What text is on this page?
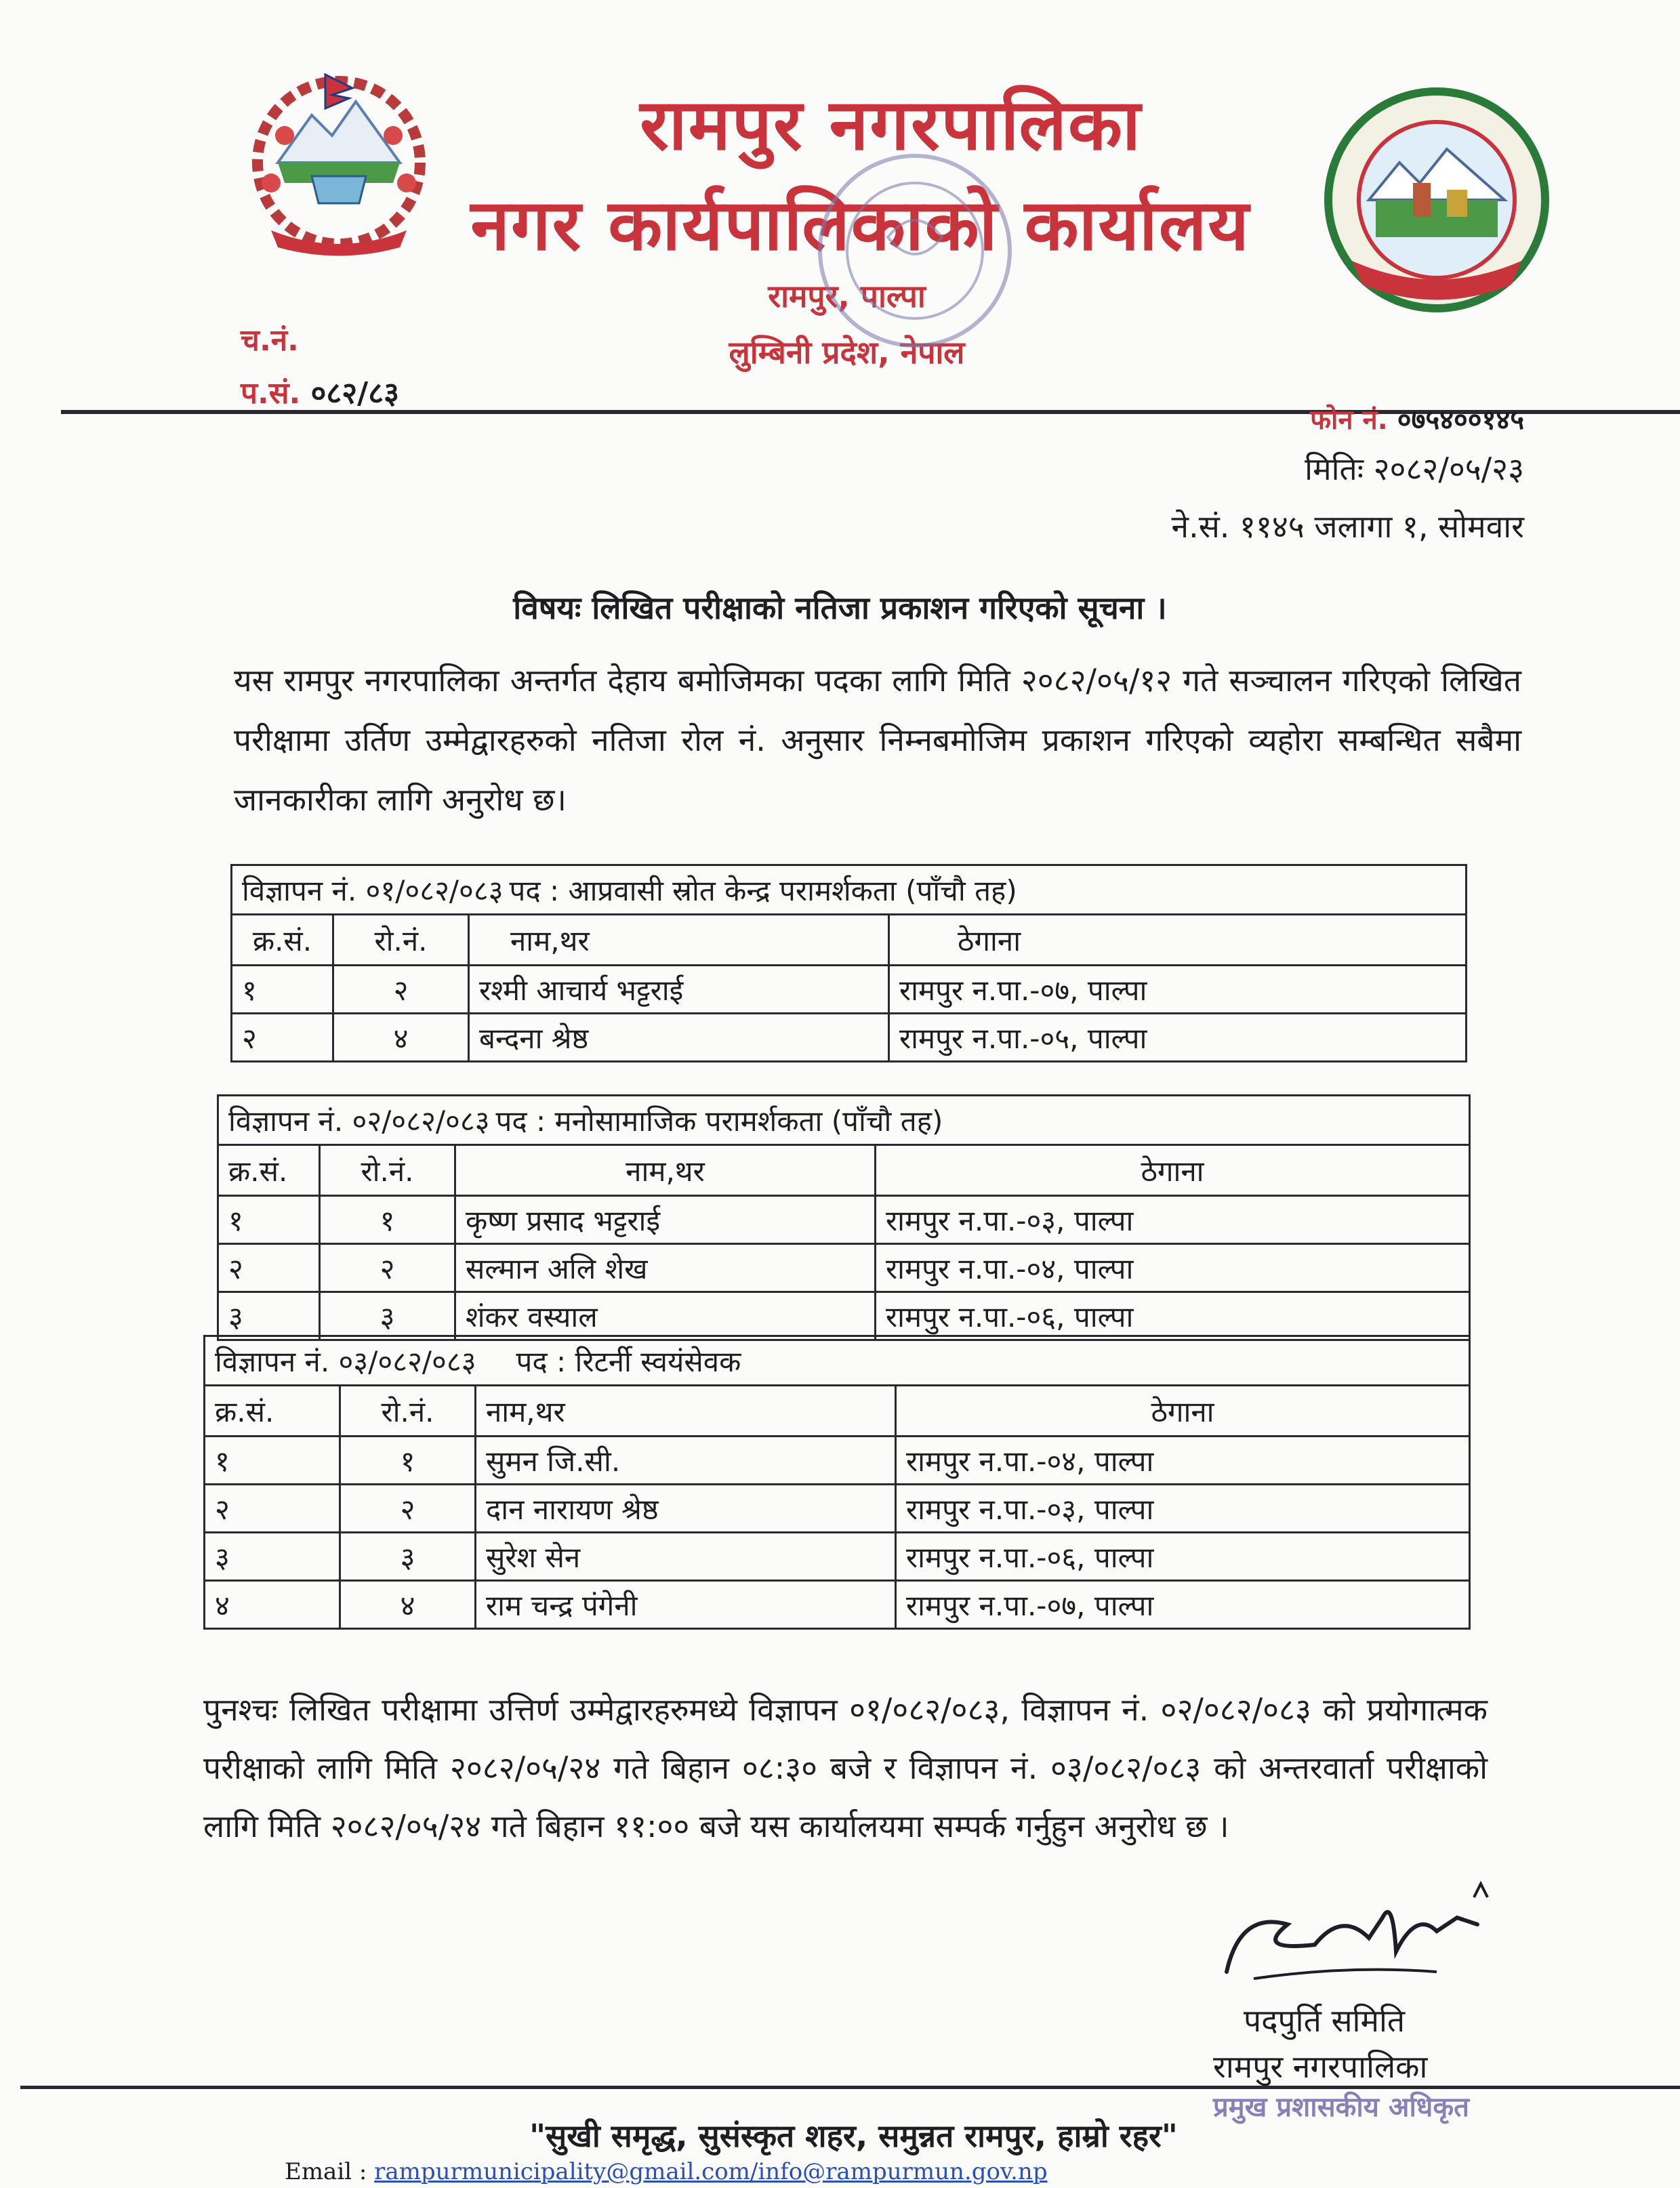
रामपुर नगरपालिका
नगर कार्यपालिकाको कार्यालय
रामपुर, पाल्पा
लुम्बिनी प्रदेश, नेपाल
च.नं.
प.सं. ०८२/८३
फोन नं. ०७५४००१४५
मितिः २०८२/०५/२३
ने.सं. ११४५ जलागा १, सोमवार
विषयः लिखित परीक्षाको नतिजा प्रकाशन गरिएको सूचना ।
यस रामपुर नगरपालिका अन्तर्गत देहाय बमोजिमका पदका लागि मिति २०८२/०५/१२ गते सञ्चालन गरिएको लिखित परीक्षामा उर्तिण उम्मेद्वारहरुको नतिजा रोल नं. अनुसार निम्नबमोजिम प्रकाशन गरिएको व्यहोरा सम्बन्धित सबैमा जानकारीका लागि अनुरोध छ।
विज्ञापन नं. ०१/०८२/०८३		पद : आप्रवासी स्रोत केन्द्र परामर्शकता (पाँचौ तह)	
क्र.सं.	रो.नं.	नाम,थर	ठेगाना
१	२	रश्मी आचार्य भट्टराई	रामपुर न.पा.-०७, पाल्पा
२	४	बन्दना श्रेष्ठ	रामपुर न.पा.-०५, पाल्पा
विज्ञापन नं. ०२/०८२/०८३		पद : मनोसामाजिक परामर्शकता (पाँचौ तह)	
क्र.सं.	रो.नं.	नाम,थर	ठेगाना
१	१	कृष्ण प्रसाद भट्टराई	रामपुर न.पा.-०३, पाल्पा
२	२	सल्मान अलि शेख	रामपुर न.पा.-०४, पाल्पा
३	३	शंकर वस्याल	रामपुर न.पा.-०६, पाल्पा
विज्ञापन नं. ०३/०८२/०८३		पद : रिटर्नी स्वयंसेवक	
क्र.सं.	रो.नं.	नाम,थर	ठेगाना
१	१	सुमन जि.सी.	रामपुर न.पा.-०४, पाल्पा
२	२	दान नारायण श्रेष्ठ	रामपुर न.पा.-०३, पाल्पा
३	३	सुरेश सेन	रामपुर न.पा.-०६, पाल्पा
४	४	राम चन्द्र पंगेनी	रामपुर न.पा.-०७, पाल्पा
पुनश्चः लिखित परीक्षामा उत्तिर्ण उम्मेद्वारहरुमध्ये विज्ञापन ०१/०८२/०८३, विज्ञापन नं. ०२/०८२/०८३ को प्रयोगात्मक परीक्षाको लागि मिति २०८२/०५/२४ गते बिहान ०८:३० बजे र विज्ञापन नं. ०३/०८२/०८३ को अन्तरवार्ता परीक्षाको लागि मिति २०८२/०५/२४ गते बिहान ११:०० बजे यस कार्यालयमा सम्पर्क गर्नुहुन अनुरोध छ ।
पदपुर्ति समिति
रामपुर नगरपालिका
प्रमुख प्रशासकीय अधिकृत
"सुखी समृद्ध, सुसंस्कृत शहर, समुन्नत रामपुर, हाम्रो रहर"
Email : rampurmunicipality@gmail.com/info@rampurmun.gov.np
